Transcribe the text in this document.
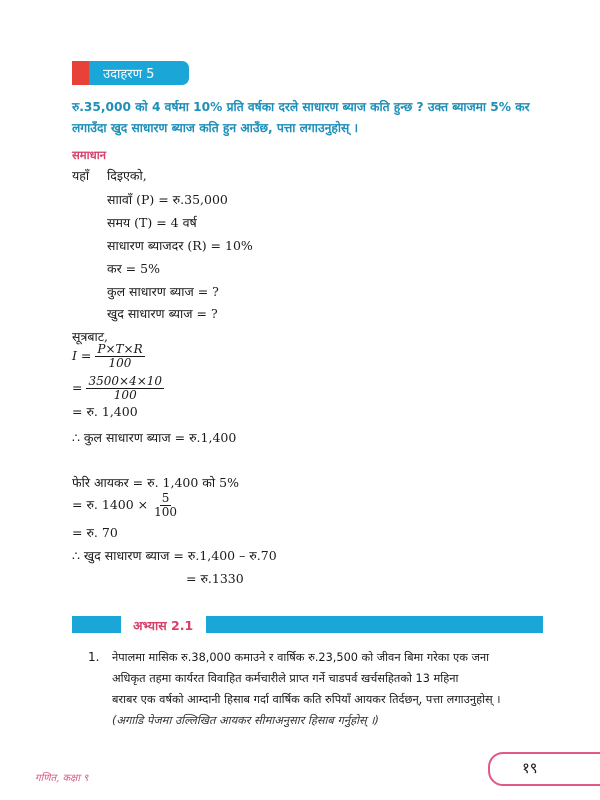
उदाहरण 5
रु.35,000 को 4 वर्षमा 10% प्रति वर्षका दरले साधारण ब्याज कति हुन्छ ? उक्त ब्याजमा 5% कर
लगाउँदा खुद साधारण ब्याज कति हुन आउँछ, पत्ता लगाउनुहोस् ।
समाधान
यहाँ दिइएको,
साावाँ (P) = रु.35,000
समय (T) = 4 वर्ष
साधारण ब्याजदर (R) = 10%
कर = 5%
कुल साधारण ब्याज = ?
खुद साधारण ब्याज = ?
सूत्रबाट,
$I = \frac{P\times T\times R}{100}$
= $\frac{3500\times 4\times 10}{100}$
= रु. 1,400
∴ कुल साधारण ब्याज = रु.1,400
फेरि आयकर = रु. 1,400 को 5%
= रु. $1400 \times \frac{5}{100}$
= रु. 70
∴ खुद साधारण ब्याज = रु.1,400 – रु.70
= रु.1330
अभ्यास 2.1
1. नेपालमा मासिक रु.38,000 कमाउने र वार्षिक रु.23,500 को जीवन बिमा गरेका एक जना
अधिकृत तहमा कार्यरत विवाहित कर्मचारीले प्राप्त गर्ने चाडपर्व खर्चसहितको 13 महिना
बराबर एक वर्षको आम्दानी हिसाब गर्दा वार्षिक कति रुपियाँ आयकर तिर्दछन्, पत्ता लगाउनुहोस् ।
(अगाडि पेजमा उल्लिखित आयकर सीमाअनुसार हिसाब गर्नुहोस् ।)
गणित, कक्षा ९
१९
